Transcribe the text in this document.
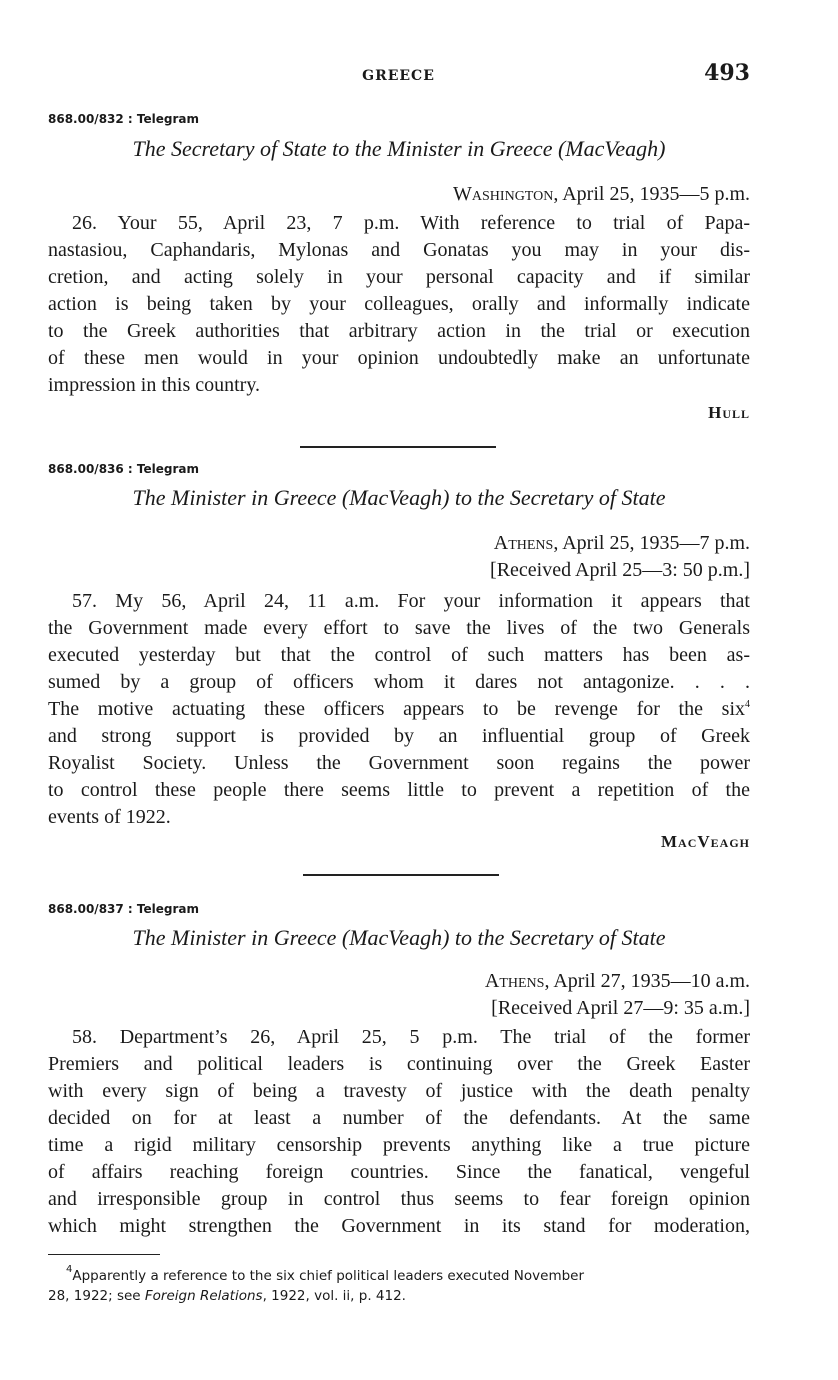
GREECE	493
868.00/832 : Telegram
The Secretary of State to the Minister in Greece (MacVeagh)
Washington, April 25, 1935—5 p.m.
26. Your 55, April 23, 7 p.m. With reference to trial of Papa-
nastasiou, Caphandaris, Mylonas and Gonatas you may in your dis-
cretion, and acting solely in your personal capacity and if similar
action is being taken by your colleagues, orally and informally indicate
to the Greek authorities that arbitrary action in the trial or execution
of these men would in your opinion undoubtedly make an unfortunate
impression in this country.
Hull
868.00/836 : Telegram
The Minister in Greece (MacVeagh) to the Secretary of State
Athens, April 25, 1935—7 p.m.
[Received April 25—3: 50 p.m.]
57. My 56, April 24, 11 a.m. For your information it appears that
the Government made every effort to save the lives of the two Generals
executed yesterday but that the control of such matters has been as-
sumed by a group of officers whom it dares not antagonize. . . .
The motive actuating these officers appears to be revenge for the six$^4$
and strong support is provided by an influential group of Greek
Royalist Society. Unless the Government soon regains the power
to control these people there seems little to prevent a repetition of the
events of 1922.
MacVeagh
868.00/837 : Telegram
The Minister in Greece (MacVeagh) to the Secretary of State
Athens, April 27, 1935—10 a.m.
[Received April 27—9: 35 a.m.]
58. Department’s 26, April 25, 5 p.m. The trial of the former
Premiers and political leaders is continuing over the Greek Easter
with every sign of being a travesty of justice with the death penalty
decided on for at least a number of the defendants. At the same
time a rigid military censorship prevents anything like a true picture
of affairs reaching foreign countries. Since the fanatical, vengeful
and irresponsible group in control thus seems to fear foreign opinion
which might strengthen the Government in its stand for moderation,
$^4$Apparently a reference to the six chief political leaders executed November
28, 1922; see Foreign Relations, 1922, vol. ii, p. 412.
